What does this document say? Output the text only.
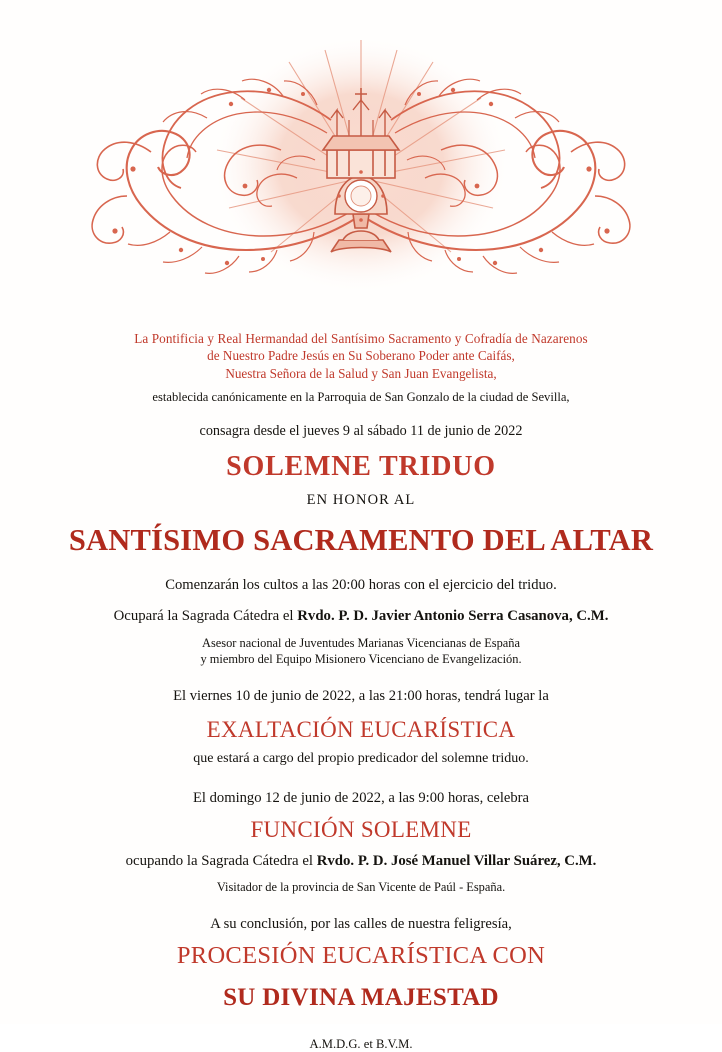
La Pontificia y Real Hermandad del Santísimo Sacramento y Cofradía de Nazarenos

de Nuestro Padre Jesús en Su Soberano Poder ante Caifás,

Nuestra Señora de la Salud y San Juan Evangelista,

establecida canónicamente en la Parroquia de San Gonzalo de la ciudad de Sevilla,

consagra desde el jueves 9 al sábado 11 de junio de 2022

SOLEMNE TRIDUO

EN HONOR AL

SANTÍSIMO SACRAMENTO DEL ALTAR

Comenzarán los cultos a las 20:00 horas con el ejercicio del triduo.

Ocupará la Sagrada Cátedra el Rvdo. P. D. Javier Antonio Serra Casanova, C.M.

Asesor nacional de Juventudes Marianas Vicencianas de España
y miembro del Equipo Misionero Vicenciano de Evangelización.

El viernes 10 de junio de 2022, a las 21:00 horas, tendrá lugar la

EXALTACIÓN EUCARÍSTICA

que estará a cargo del propio predicador del solemne triduo.

El domingo 12 de junio de 2022, a las 9:00 horas, celebra

FUNCIÓN SOLEMNE

ocupando la Sagrada Cátedra el Rvdo. P. D. José Manuel Villar Suárez, C.M.

Visitador de la provincia de San Vicente de Paúl - España.

A su conclusión, por las calles de nuestra feligresía,

PROCESIÓN EUCARÍSTICA CON

SU DIVINA MAJESTAD

A.M.D.G. et B.V.M.
